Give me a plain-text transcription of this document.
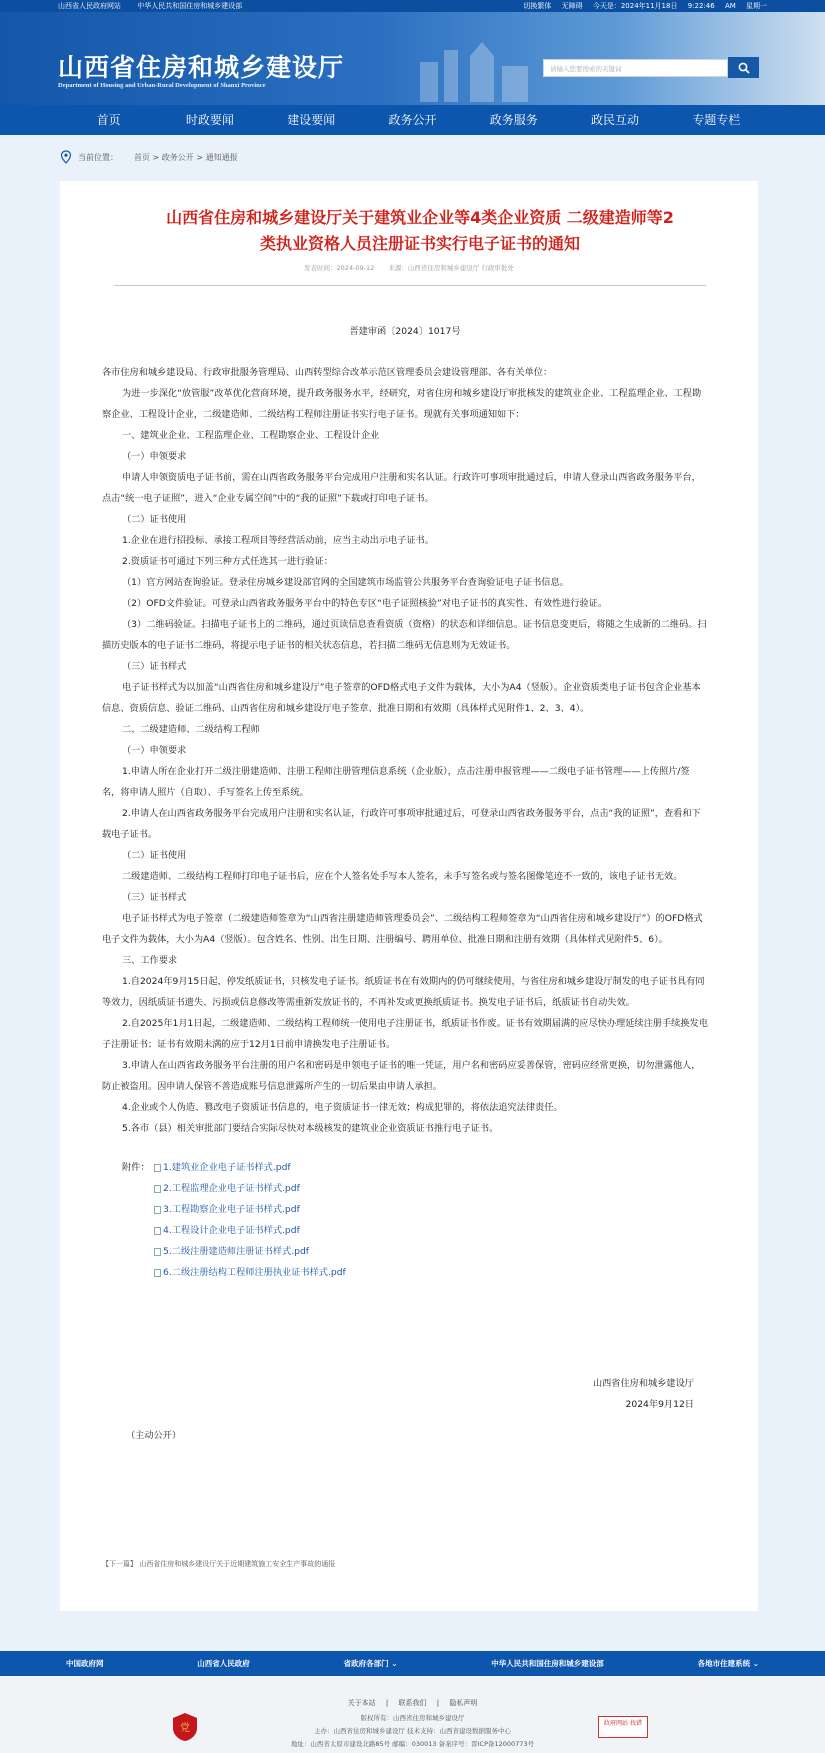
山西省人民政府网站 中华人民共和国住房和城乡建设部	切换繁体 无障碍 今天是：2024年11月18日 9:22:46 AM 星期一
山西省住房和城乡建设厅
Department of Housing and Urban-Rural Development of Shanxi Province
请输入您要搜索的关键词
首页	时政要闻	建设要闻	政务公开	政务服务	政民互动	专题专栏
当前位置： 首页 > 政务公开 > 通知通报
山西省住房和城乡建设厅关于建筑业企业等4类企业资质 二级建造师等2类执业资格人员注册证书实行电子证书的通知
发表时间：2024-09-12 来源：山西省住房和城乡建设厅 行政审批处
晋建审函〔2024〕1017号

各市住房和城乡建设局、行政审批服务管理局、山西转型综合改革示范区管理委员会建设管理部、各有关单位：

为进一步深化“放管服”改革优化营商环境，提升政务服务水平，经研究，对省住房和城乡建设厅审批核发的建筑业企业、工程监理企业、工程勘察企业、工程设计企业，二级建造师、二级结构工程师注册证书实行电子证书。现就有关事项通知如下：

一、建筑业企业、工程监理企业、工程勘察企业、工程设计企业

（一）申领要求

申请人申领资质电子证书前，需在山西省政务服务平台完成用户注册和实名认证。行政许可事项审批通过后，申请人登录山西省政务服务平台，点击“统一电子证照”，进入“企业专属空间”中的“我的证照”下载或打印电子证书。

（二）证书使用

1.企业在进行招投标、承接工程项目等经营活动前，应当主动出示电子证书。

2.资质证书可通过下列三种方式任选其一进行验证：

（1）官方网站查询验证。登录住房城乡建设部官网的全国建筑市场监管公共服务平台查询验证电子证书信息。

（2）OFD文件验证。可登录山西省政务服务平台中的特色专区“电子证照核验”对电子证书的真实性、有效性进行验证。

（3）二维码验证。扫描电子证书上的二维码，通过页读信息查看资质（资格）的状态和详细信息。证书信息变更后，将随之生成新的二维码。扫描历史版本的电子证书二维码，将提示电子证书的相关状态信息，若扫描二维码无信息则为无效证书。

（三）证书样式

电子证书样式为以加盖“山西省住房和城乡建设厅”电子签章的OFD格式电子文件为载体，大小为A4（竖版）。企业资质类电子证书包含企业基本信息、资质信息、验证二维码、山西省住房和城乡建设厅电子签章、批准日期和有效期（具体样式见附件1、2、3、4）。

二、二级建造师、二级结构工程师

（一）申领要求

1.申请人所在企业打开二级注册建造师、注册工程师注册管理信息系统（企业版），点击注册申报管理——二级电子证书管理——上传照片/签名，将申请人照片（自取）、手写签名上传至系统。

2.申请人在山西省政务服务平台完成用户注册和实名认证，行政许可事项审批通过后，可登录山西省政务服务平台，点击“我的证照”，查看和下载电子证书。

（二）证书使用

二级建造师、二级结构工程师打印电子证书后，应在个人签名处手写本人签名，未手写签名或与签名图像笔迹不一致的，该电子证书无效。

（三）证书样式

电子证书样式为电子签章（二级建造师签章为“山西省注册建造师管理委员会”、二级结构工程师签章为“山西省住房和城乡建设厅”）的OFD格式电子文件为载体，大小为A4（竖版）。包含姓名、性别、出生日期、注册编号、聘用单位、批准日期和注册有效期（具体样式见附件5、6）。

三、工作要求

1.自2024年9月15日起，停发纸质证书，只核发电子证书。纸质证书在有效期内的仍可继续使用，与省住房和城乡建设厅制发的电子证书具有同等效力，因纸质证书遗失、污损或信息修改等需重新发放证书的，不再补发或更换纸质证书。换发电子证书后，纸质证书自动失效。

2.自2025年1月1日起，二级建造师、二级结构工程师统一使用电子注册证书，纸质证书作废。证书有效期届满的应尽快办理延续注册手续换发电子注册证书；证书有效期未满的应于12月1日前申请换发电子注册证书。

3.申请人在山西省政务服务平台注册的用户名和密码是申领电子证书的唯一凭证，用户名和密码应妥善保管，密码应经常更换，切勿泄露他人，防止被盗用。因申请人保管不善造成账号信息泄露所产生的一切后果由申请人承担。

4.企业或个人伪造、篡改电子资质证书信息的，电子资质证书一律无效；构成犯罪的，将依法追究法律责任。

5.各市（县）相关审批部门要结合实际尽快对本级核发的建筑业企业资质证书推行电子证书。

附件： 1.建筑业企业电子证书样式.pdf
2.工程监理企业电子证书样式.pdf
3.工程勘察企业电子证书样式.pdf
4.工程设计企业电子证书样式.pdf
5.二级注册建造师注册证书样式.pdf
6.二级注册结构工程师注册执业证书样式.pdf
山西省住房和城乡建设厅
2024年9月12日
（主动公开）
【下一篇】 山西省住房和城乡建设厅关于近期建筑施工安全生产事故的通报
中国政府网	山西省人民政府	省政府各部门 ⌄	中华人民共和国住房和城乡建设部	各地市住建系统 ⌄
党
关于本站 | 联系我们 | 隐私声明
版权所有：山西省住房和城乡建设厅
主办：山西省住房和城乡建设厅 技术支持：山西省建设数据服务中心
地址：山西省太原市建设北路85号 邮编：030013 备案序号：晋ICP备12000773号
政府网站 找错
